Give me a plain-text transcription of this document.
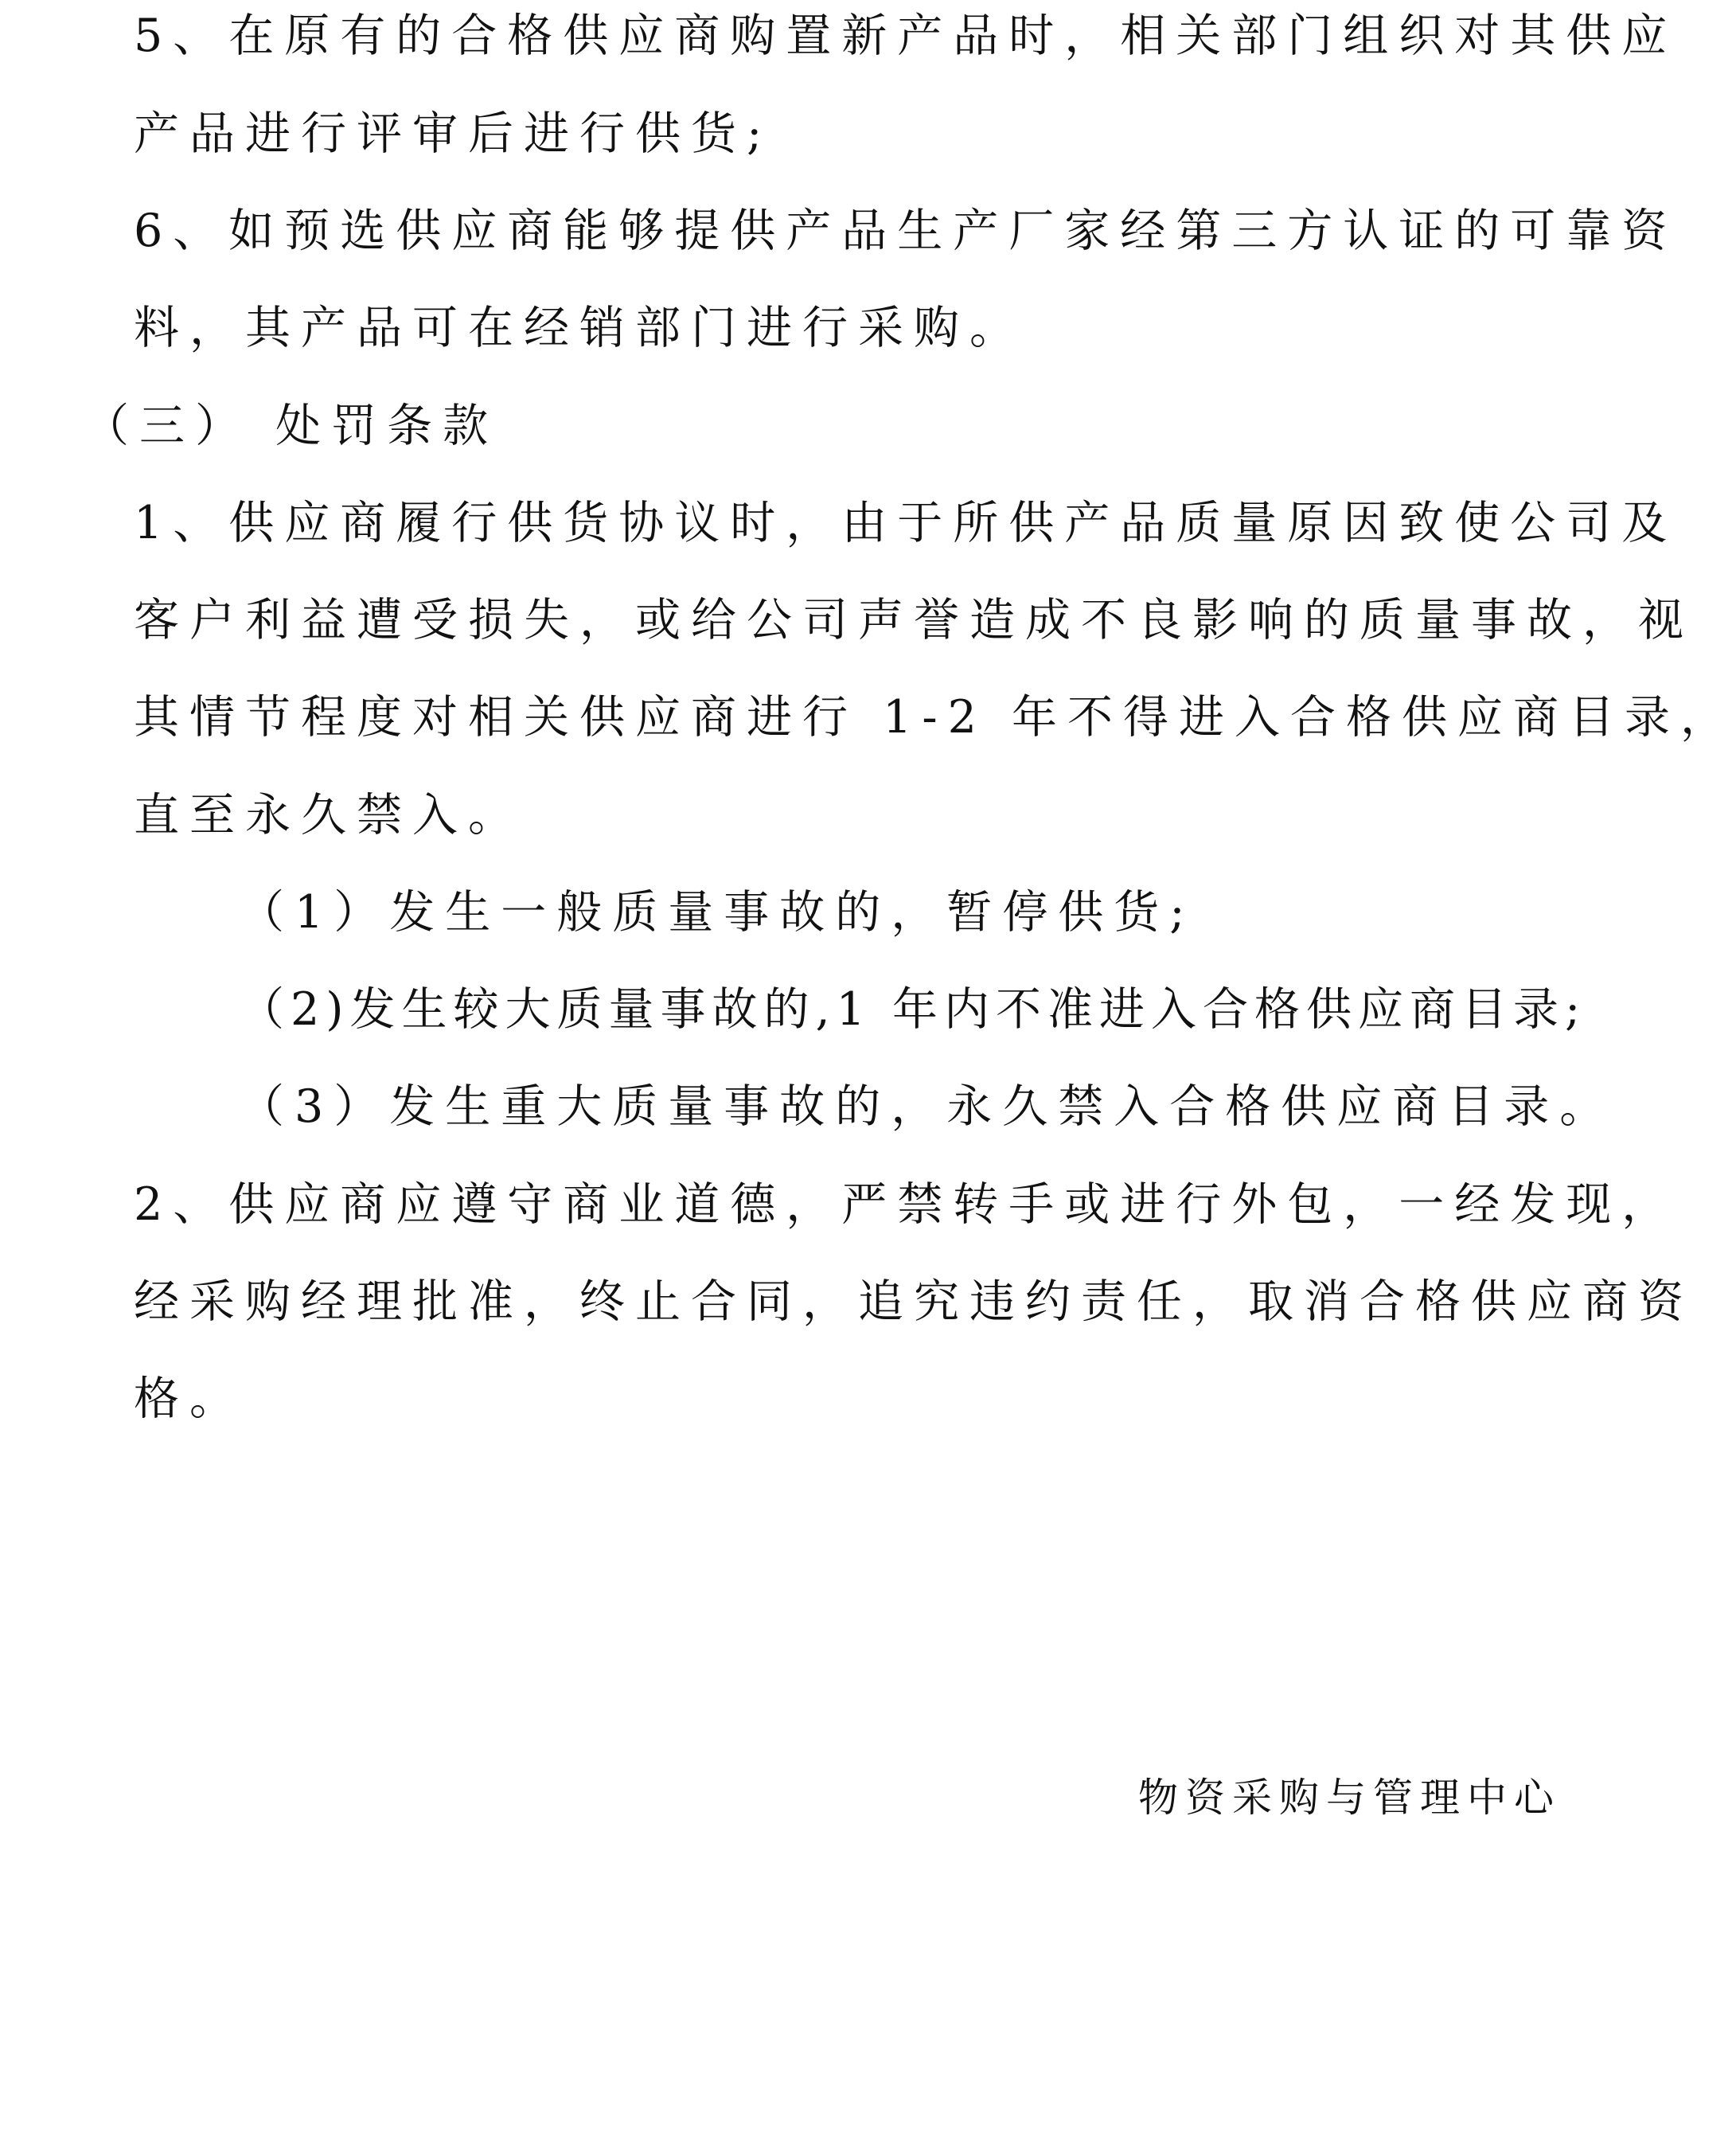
5、在原有的合格供应商购置新产品时，相关部门组织对其供应
产品进行评审后进行供货;
6、如预选供应商能够提供产品生产厂家经第三方认证的可靠资
料，其产品可在经销部门进行采购。
（三） 处罚条款
1、供应商履行供货协议时，由于所供产品质量原因致使公司及
客户利益遭受损失，或给公司声誉造成不良影响的质量事故，视
其情节程度对相关供应商进行 1-2 年不得进入合格供应商目录，
直至永久禁入。
（1）发生一般质量事故的，暂停供货;
（2)发生较大质量事故的,1 年内不准进入合格供应商目录;
（3）发生重大质量事故的，永久禁入合格供应商目录。
2、供应商应遵守商业道德，严禁转手或进行外包，一经发现，
经采购经理批准，终止合同，追究违约责任，取消合格供应商资
格。
物资采购与管理中心
